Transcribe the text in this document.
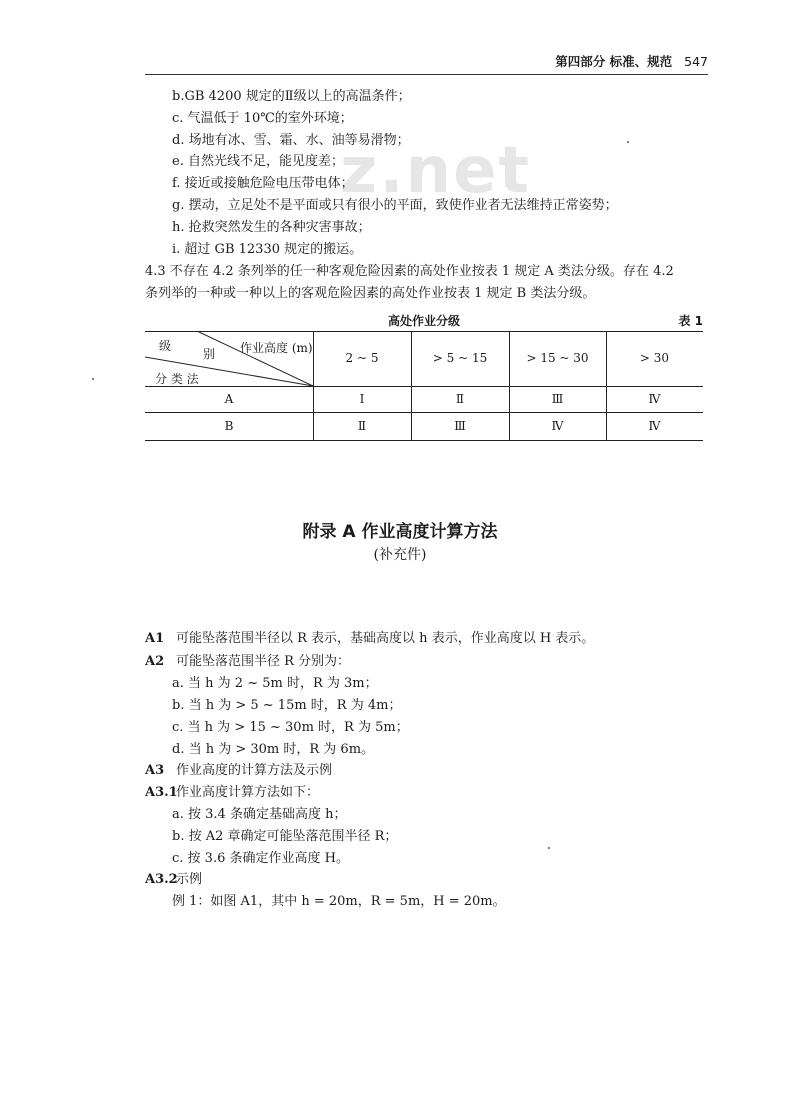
第四部分 标准、规范 547
z.net
b.GB 4200 规定的Ⅱ级以上的高温条件；
c. 气温低于 10℃的室外环境；
d. 场地有冰、雪、霜、水、油等易滑物；
e. 自然光线不足，能见度差；
f. 接近或接触危险电压带电体；
g. 摆动，立足处不是平面或只有很小的平面，致使作业者无法维持正常姿势；
h. 抢救突然发生的各种灾害事故；
i. 超过 GB 12330 规定的搬运。
4.3 不存在 4.2 条列举的任一种客观危险因素的高处作业按表 1 规定 A 类法分级。存在 4.2
条列举的一种或一种以上的客观危险因素的高处作业按表 1 规定 B 类法分级。
高处作业分级	表 1
级
别 作业高度 (m)
分 类 法
2 ~ 5	> 5 ~ 15	> 15 ~ 30	> 30
A	Ⅰ	Ⅱ	Ⅲ	Ⅳ
B	Ⅱ	Ⅲ	Ⅳ	Ⅳ
附录 A 作业高度计算方法
(补充件)
A1 可能坠落范围半径以 R 表示，基础高度以 h 表示，作业高度以 H 表示。
A2 可能坠落范围半径 R 分别为：
a. 当 h 为 2 ~ 5m 时，R 为 3m；
b. 当 h 为 > 5 ~ 15m 时，R 为 4m；
c. 当 h 为 > 15 ~ 30m 时，R 为 5m；
d. 当 h 为 > 30m 时，R 为 6m。
A3 作业高度的计算方法及示例
A3.1作业高度计算方法如下：
a. 按 3.4 条确定基础高度 h；
b. 按 A2 章确定可能坠落范围半径 R；
c. 按 3.6 条确定作业高度 H。
A3.2示例
例 1：如图 A1，其中 h = 20m，R = 5m，H = 20m。
